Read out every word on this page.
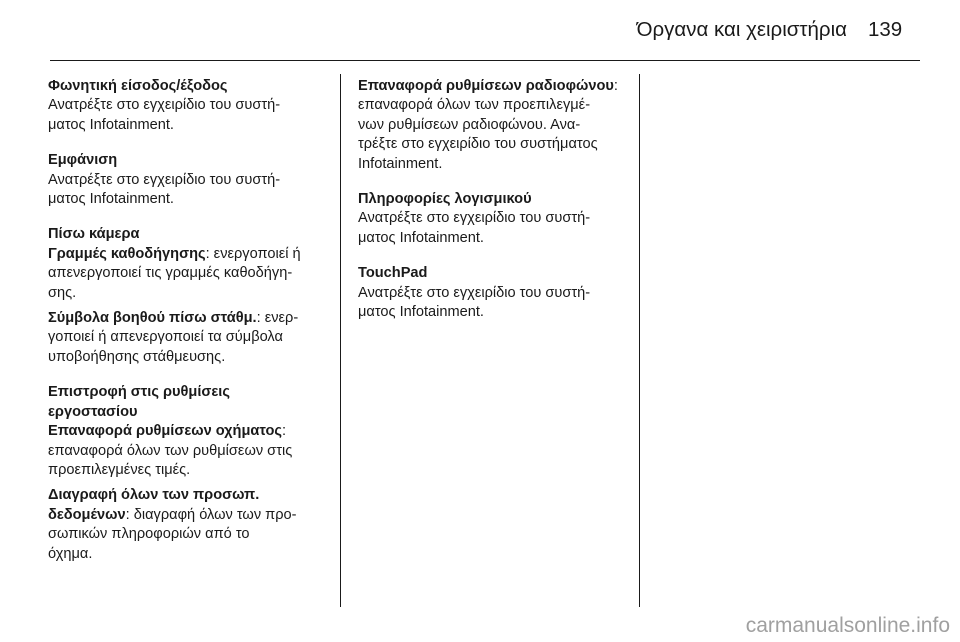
Όργανα και χειριστήρια 139
Φωνητική είσοδος/έξοδος
Ανατρέξτε στο εγχειρίδιο του συστή-
ματος Infotainment.
Εμφάνιση
Ανατρέξτε στο εγχειρίδιο του συστή-
ματος Infotainment.
Πίσω κάμερα
Γραμμές καθοδήγησης: ενεργοποιεί ή
απενεργοποιεί τις γραμμές καθοδήγη-
σης.
Σύμβολα βοηθού πίσω στάθμ.: ενερ-
γοποιεί ή απενεργοποιεί τα σύμβολα
υποβοήθησης στάθμευσης.
Επιστροφή στις ρυθμίσεις
εργοστασίου
Επαναφορά ρυθμίσεων οχήματος:
επαναφορά όλων των ρυθμίσεων στις
προεπιλεγμένες τιμές.
Διαγραφή όλων των προσωπ.
δεδομένων: διαγραφή όλων των προ-
σωπικών πληροφοριών από το
όχημα.
Επαναφορά ρυθμίσεων ραδιοφώνου:
επαναφορά όλων των προεπιλεγμέ-
νων ρυθμίσεων ραδιοφώνου. Ανα-
τρέξτε στο εγχειρίδιο του συστήματος
Infotainment.
Πληροφορίες λογισμικού
Ανατρέξτε στο εγχειρίδιο του συστή-
ματος Infotainment.
TouchPad
Ανατρέξτε στο εγχειρίδιο του συστή-
ματος Infotainment.
carmanualsonline.info
